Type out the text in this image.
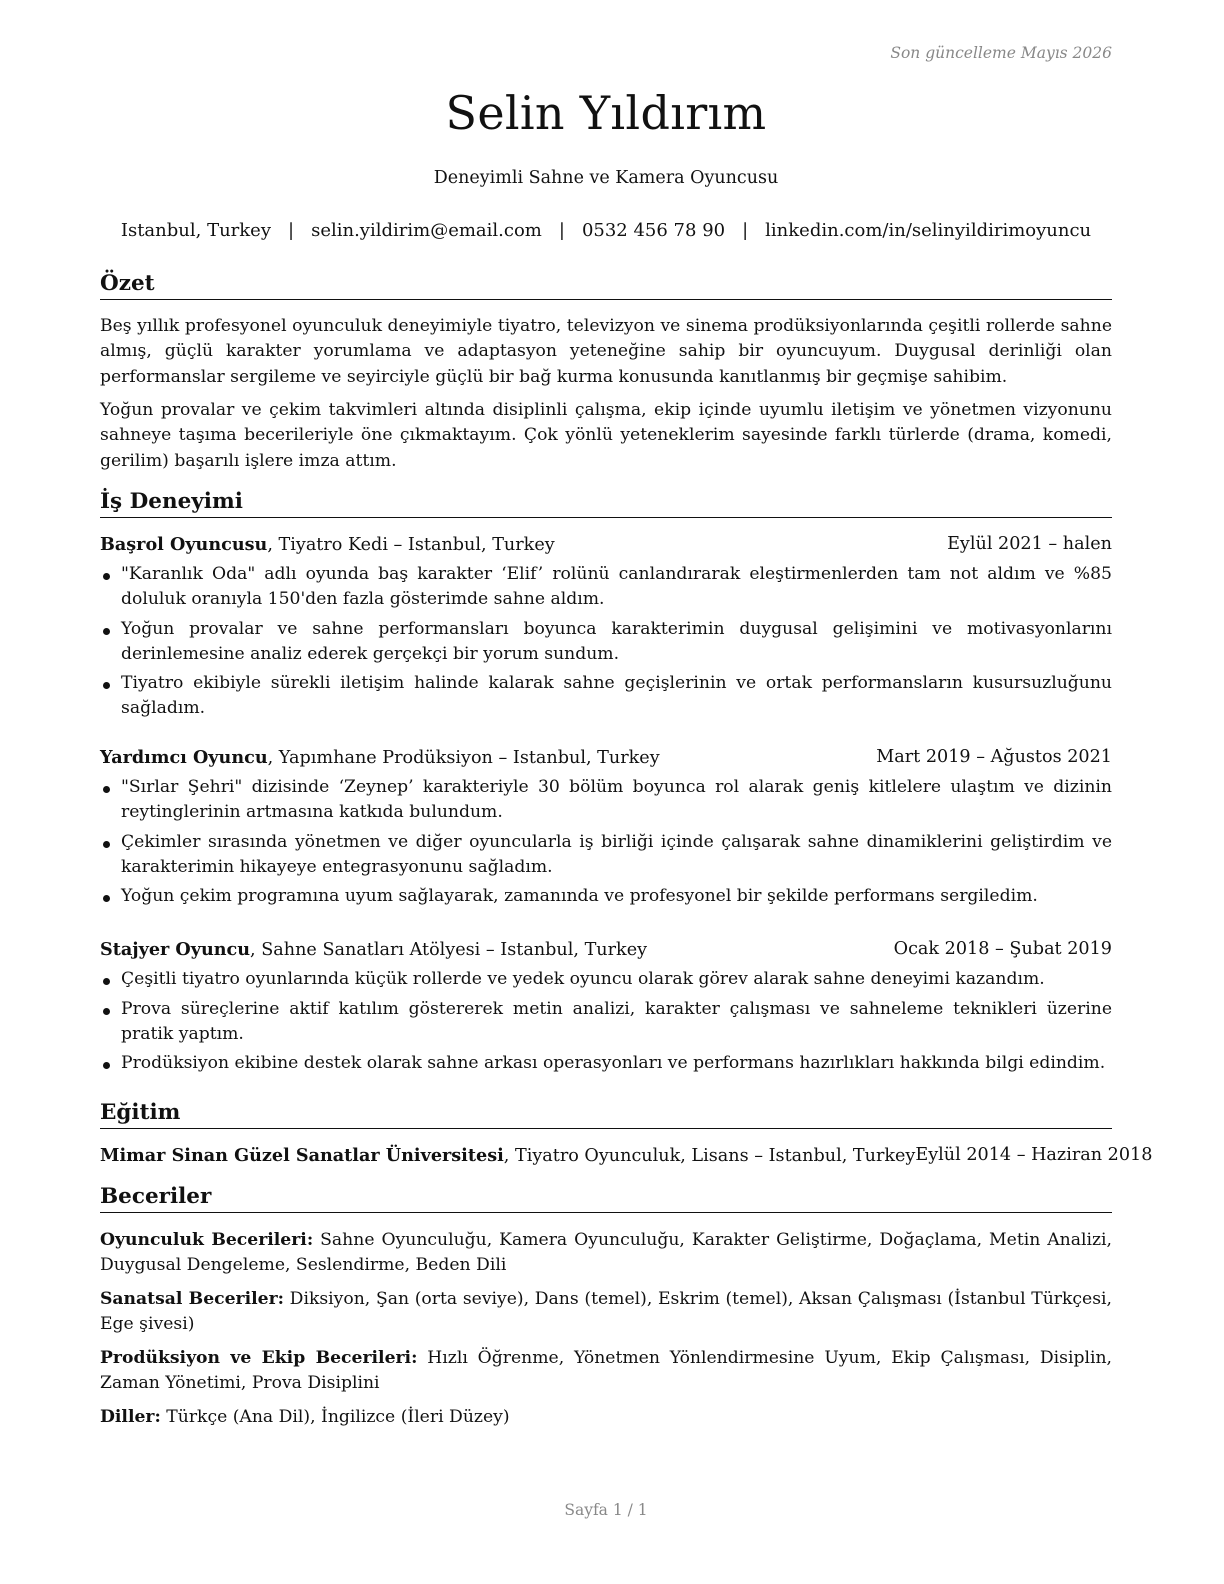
Son güncelleme Mayıs 2026
Selin Yıldırım
Deneyimli Sahne ve Kamera Oyuncusu
Istanbul, Turkey | selin.yildirim@email.com | 0532 456 78 90 | linkedin.com/in/selinyildirimoyuncu
Özet
Beş yıllık profesyonel oyunculuk deneyimiyle tiyatro, televizyon ve sinema prodüksiyonlarında çeşitli rollerde sahne almış, güçlü karakter yorumlama ve adaptasyon yeteneğine sahip bir oyuncuyum. Duygusal derinliği olan performanslar sergileme ve seyirciyle güçlü bir bağ kurma konusunda kanıtlanmış bir geçmişe sahibim.
Yoğun provalar ve çekim takvimleri altında disiplinli çalışma, ekip içinde uyumlu iletişim ve yönetmen vizyonunu sahneye taşıma becerileriyle öne çıkmaktayım. Çok yönlü yeteneklerim sayesinde farklı türlerde (drama, komedi, gerilim) başarılı işlere imza attım.
İş Deneyimi
Başrol Oyuncusu, Tiyatro Kedi – Istanbul, Turkey	Eylül 2021 – halen
"Karanlık Oda" adlı oyunda baş karakter ‘Elif’ rolünü canlandırarak eleştirmenlerden tam not aldım ve %85 doluluk oranıyla 150'den fazla gösterimde sahne aldım.
Yoğun provalar ve sahne performansları boyunca karakterimin duygusal gelişimini ve motivasyonlarını derinlemesine analiz ederek gerçekçi bir yorum sundum.
Tiyatro ekibiyle sürekli iletişim halinde kalarak sahne geçişlerinin ve ortak performansların kusursuzluğunu sağladım.
Yardımcı Oyuncu, Yapımhane Prodüksiyon – Istanbul, Turkey	Mart 2019 – Ağustos 2021
"Sırlar Şehri" dizisinde ‘Zeynep’ karakteriyle 30 bölüm boyunca rol alarak geniş kitlelere ulaştım ve dizinin reytinglerinin artmasına katkıda bulundum.
Çekimler sırasında yönetmen ve diğer oyuncularla iş birliği içinde çalışarak sahne dinamiklerini geliştirdim ve karakterimin hikayeye entegrasyonunu sağladım.
Yoğun çekim programına uyum sağlayarak, zamanında ve profesyonel bir şekilde performans sergiledim.
Stajyer Oyuncu, Sahne Sanatları Atölyesi – Istanbul, Turkey	Ocak 2018 – Şubat 2019
Çeşitli tiyatro oyunlarında küçük rollerde ve yedek oyuncu olarak görev alarak sahne deneyimi kazandım.
Prova süreçlerine aktif katılım göstererek metin analizi, karakter çalışması ve sahneleme teknikleri üzerine pratik yaptım.
Prodüksiyon ekibine destek olarak sahne arkası operasyonları ve performans hazırlıkları hakkında bilgi edindim.
Eğitim
Mimar Sinan Güzel Sanatlar Üniversitesi, Tiyatro Oyunculuk, Lisans – Istanbul, Turkey Eylül 2014 – Haziran 2018
Beceriler
Oyunculuk Becerileri: Sahne Oyunculuğu, Kamera Oyunculuğu, Karakter Geliştirme, Doğaçlama, Metin Analizi, Duygusal Dengeleme, Seslendirme, Beden Dili
Sanatsal Beceriler: Diksiyon, Şan (orta seviye), Dans (temel), Eskrim (temel), Aksan Çalışması (İstanbul Türkçesi, Ege şivesi)
Prodüksiyon ve Ekip Becerileri: Hızlı Öğrenme, Yönetmen Yönlendirmesine Uyum, Ekip Çalışması, Disiplin, Zaman Yönetimi, Prova Disiplini
Diller: Türkçe (Ana Dil), İngilizce (İleri Düzey)
Sayfa 1 / 1
